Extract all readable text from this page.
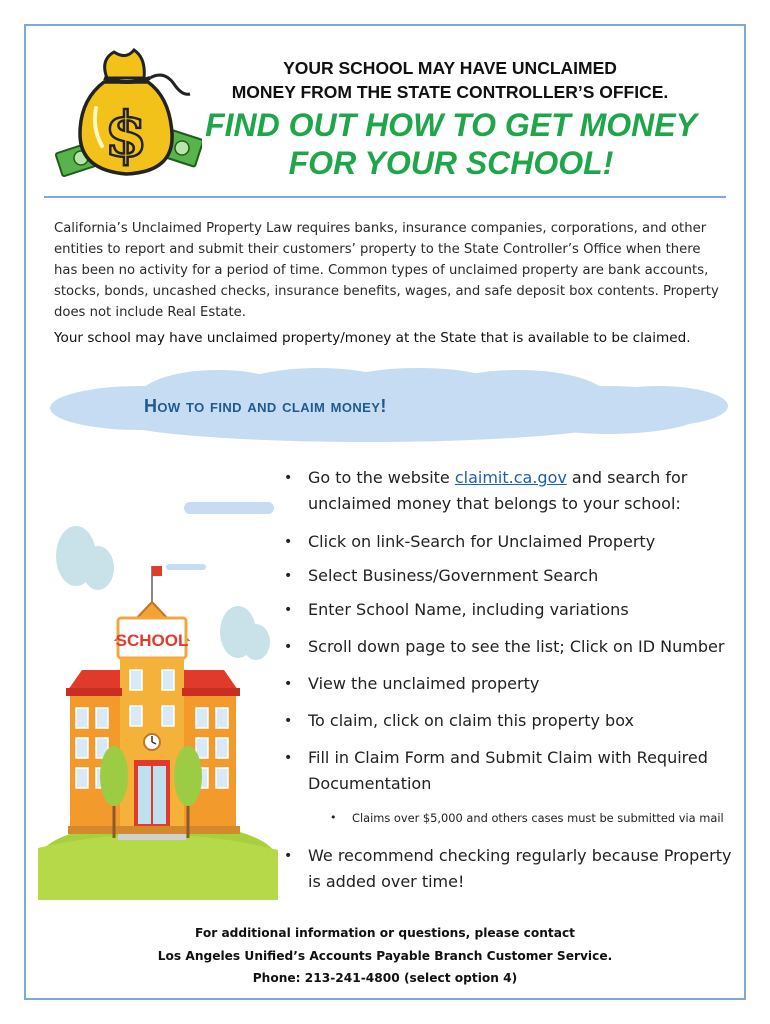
$
YOUR SCHOOL MAY HAVE UNCLAIMED
MONEY FROM THE STATE CONTROLLER’S OFFICE.
FIND OUT HOW TO GET MONEY
FOR YOUR SCHOOL!

California’s Unclaimed Property Law requires banks, insurance companies, corporations, and other entities to report and submit their customers’ property to the State Controller’s Office when there has been no activity for a period of time. Common types of unclaimed property are bank accounts, stocks, bonds, uncashed checks, insurance benefits, wages, and safe deposit box contents. Property does not include Real Estate.

Your school may have unclaimed property/money at the State that is available to be claimed.

How to find and claim money!
SCHOOL
• Go to the website claimit.ca.gov and search for unclaimed money that belongs to your school:
• Click on link-Search for Unclaimed Property
• Select Business/Government Search
• Enter School Name, including variations
• Scroll down page to see the list; Click on ID Number
• View the unclaimed property
• To claim, click on claim this property box
• Fill in Claim Form and Submit Claim with Required Documentation
• Claims over $5,000 and others cases must be submitted via mail
• We recommend checking regularly because Property is added over time!
For additional information or questions, please contact
Los Angeles Unified’s Accounts Payable Branch Customer Service.
Phone: 213-241-4800 (select option 4)
